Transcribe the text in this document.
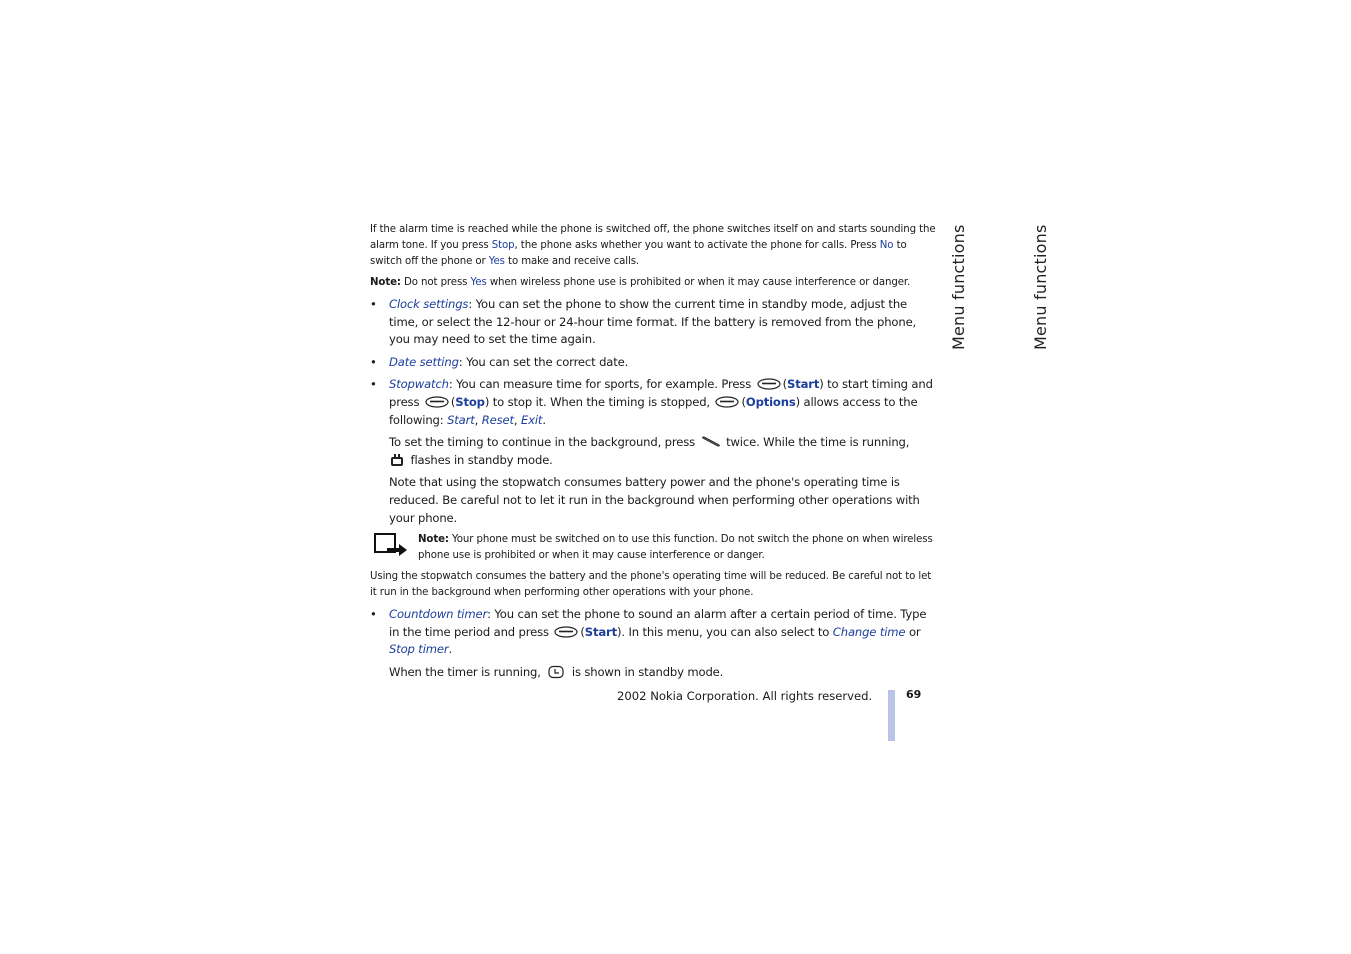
If the alarm time is reached while the phone is switched off, the phone switches itself on and starts sounding the alarm tone. If you press Stop, the phone asks whether you want to activate the phone for calls. Press No to switch off the phone or Yes to make and receive calls.

Note: Do not press Yes when wireless phone use is prohibited or when it may cause interference or danger.

• Clock settings: You can set the phone to show the current time in standby mode, adjust the time, or select the 12-hour or 24-hour time format. If the battery is removed from the phone, you may need to set the time again.
• Date setting: You can set the correct date.
• Stopwatch: You can measure time for sports, for example. Press (Start) to start timing and press (Stop) to stop it. When the timing is stopped, (Options) allows access to the following: Start, Reset, Exit.

To set the timing to continue in the background, press  twice. While the time is running,
flashes in standby mode.

Note that using the stopwatch consumes battery power and the phone's operating time is reduced. Be careful not to let it run in the background when performing other operations with your phone.

Note: Your phone must be switched on to use this function. Do not switch the phone on when wireless phone use is prohibited or when it may cause interference or danger.

Using the stopwatch consumes the battery and the phone's operating time will be reduced. Be careful not to let it run in the background when performing other operations with your phone.

• Countdown timer: You can set the phone to sound an alarm after a certain period of time. Type in the time period and press (Start). In this menu, you can also select to Change time or Stop timer.

When the timer is running,  is shown in standby mode.

2002 Nokia Corporation. All rights reserved.	69
Menu functions	Menu functions
